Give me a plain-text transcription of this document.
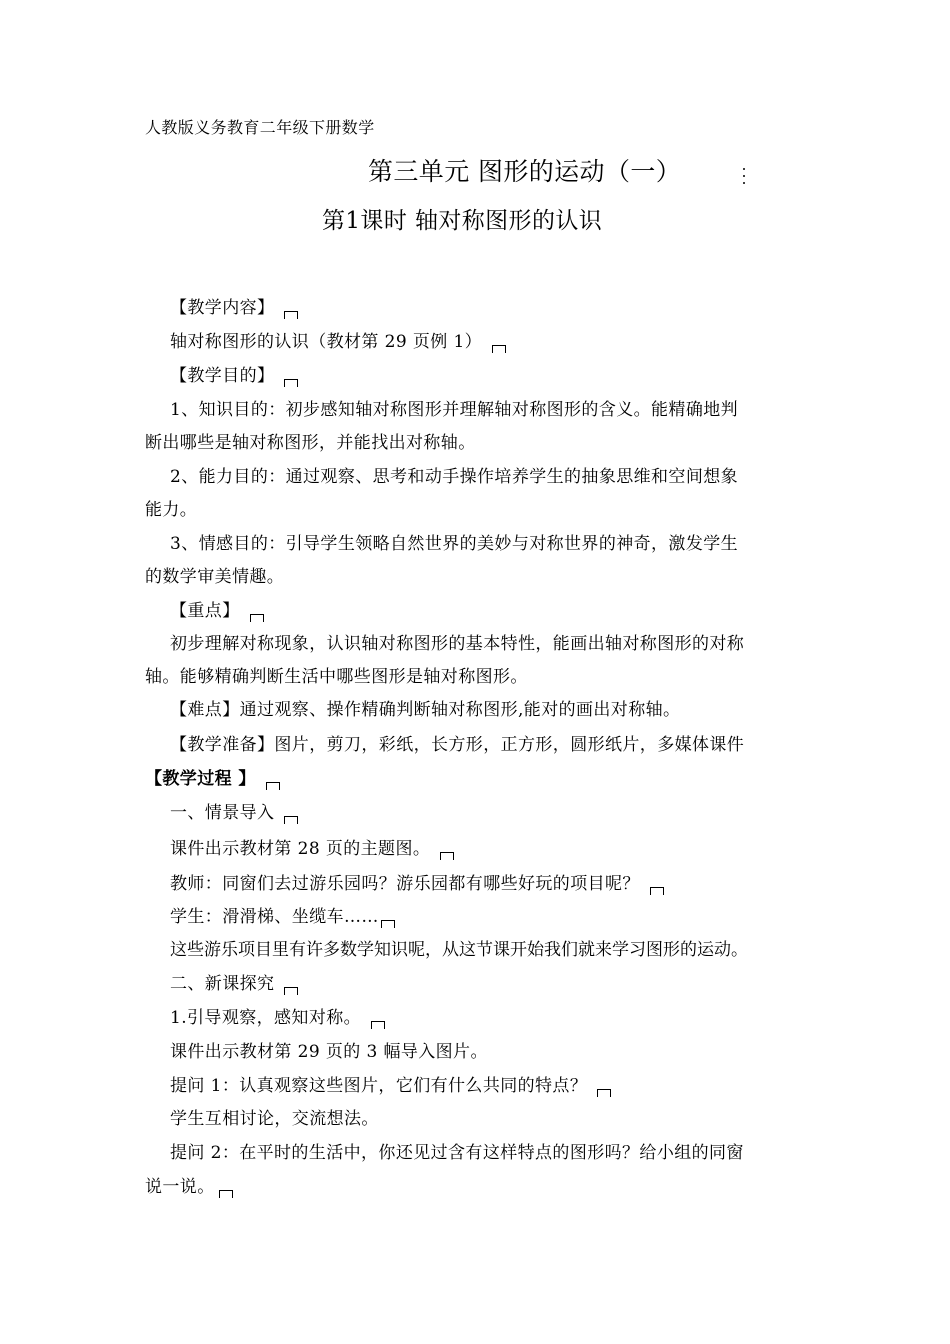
人教版义务教育二年级下册数学
第三单元 图形的运动（一）
第1课时 轴对称图形的认识
【教学内容】
轴对称图形的认识（教材第 29 页例 1）
【教学目的】
1、知识目的：初步感知轴对称图形并理解轴对称图形的含义。能精确地判
断出哪些是轴对称图形，并能找出对称轴。
2、能力目的：通过观察、思考和动手操作培养学生的抽象思维和空间想象
能力。
3、情感目的：引导学生领略自然世界的美妙与对称世界的神奇，激发学生
的数学审美情趣。
【重点】
初步理解对称现象，认识轴对称图形的基本特性，能画出轴对称图形的对称
轴。能够精确判断生活中哪些图形是轴对称图形。
【难点】通过观察、操作精确判断轴对称图形,能对的画出对称轴。
【教学准备】图片，剪刀，彩纸，长方形，正方形，圆形纸片，多媒体课件
【教学过程 】
一、情景导入
课件出示教材第 28 页的主题图。
教师：同窗们去过游乐园吗？游乐园都有哪些好玩的项目呢？
学生：滑滑梯、坐缆车……
这些游乐项目里有许多数学知识呢，从这节课开始我们就来学习图形的运动。
二、新课探究
1.引导观察，感知对称。
课件出示教材第 29 页的 3 幅导入图片。
提问 1：认真观察这些图片，它们有什么共同的特点？
学生互相讨论，交流想法。
提问 2：在平时的生活中，你还见过含有这样特点的图形吗？给小组的同窗
说一说。
